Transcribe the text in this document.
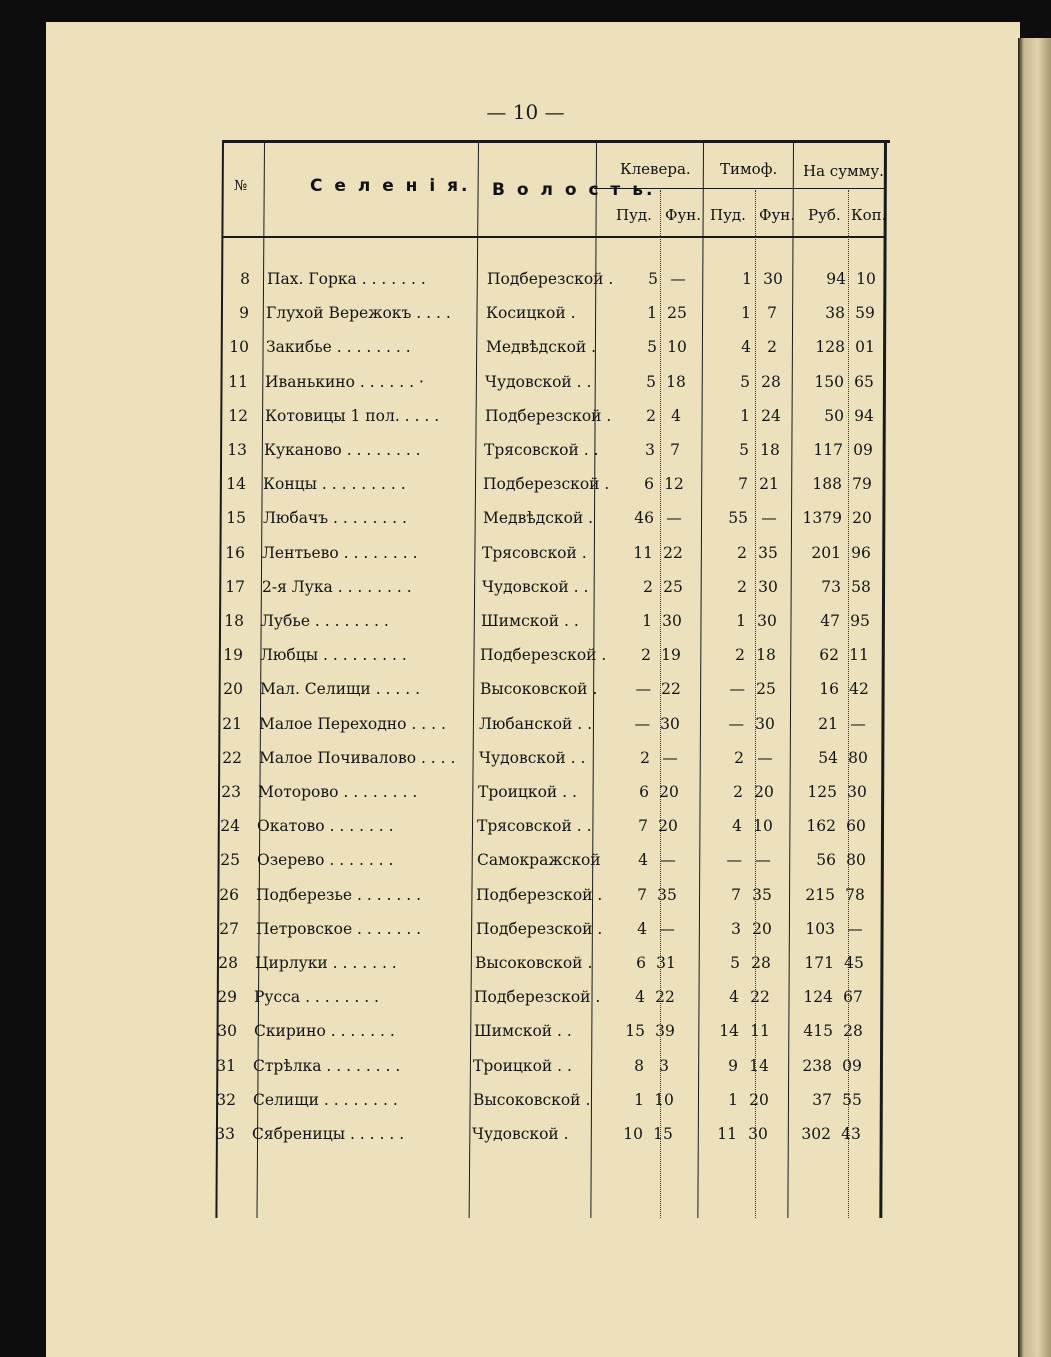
— 10 —
№	С е л е н і я. В о л о с т ь.
Клевера. Тимоф. На сумму.
Пуд. Фун. Пуд. Фун. Руб. Коп.
8 Пах. Горка . . . . . . .	Подберезской .	5 —	1 30	94 10
9 Глухой Вережокъ . . . . Косицкой .	1 25	1	7	38 59
10 Закибье . . . . . . . .	Медвѣдской .	5 10	4	2	128 01
11 Иванькино . . . . . . ·	Чудовской . .	5 18	5 28	150 65
12 Котовицы 1 пол. . . . .	Подберезской .	2 4	1 24	50 94
13 Куканово . . . . . . . .	Трясовской . .	3 7	5 18	117 09
14 Концы . . . . . . . . .	Подберезской .	6 12	7 21	188 79
15 Любачъ . . . . . . . .	Медвѣдской .	46 —	55 —	1379 20
16 Лентьево . . . . . . . .	Трясовской .	11 22	2 35	201 96
17 2-я Лука . . . . . . . .	Чудовской . .	2 25	2 30	73 58
18 Лубье . . . . . . . .	Шимской . .	1 30	1 30	47 95
19 Любцы . . . . . . . . .	Подберезской .	2 19	2 18	62 11
20 Мал. Селищи . . . . .	Высоковской .	— 22	— 25	16 42
21 Малое Переходно . . . . Любанской . .	— 30	— 30	21 —
22 Малое Почивалово . . . . Чудовской . .	2 —	2 —	54 80
23 Моторово . . . . . . . .	Троицкой . .	6 20	2 20	125 30
24 Окатово . . . . . . .	Трясовской . .	7 20	4 10	162 60
25 Озерево . . . . . . .	Самокражской	4 —	— —	56 80
26 Подберезье . . . . . . .	Подберезской .	7 35	7 35	215 78
27 Петровское . . . . . . .	Подберезской .	4 —	3 20	103 —
28 Цирлуки . . . . . . .	Высоковской .	6 31	5 28	171 45
29 Русса . . . . . . . .	Подберезской .	4 22	4 22	124 67
30 Скирино . . . . . . .	Шимской . .	15 39	14 11	415 28
31 Стрѣлка . . . . . . . .	Троицкой . .	8 3	9 14	238 09
32 Селищи . . . . . . . .	Высоковской .	1 10	1 20	37 55
33 Сябреницы . . . . . .	Чудовской .	10 15	11 30	302 43
